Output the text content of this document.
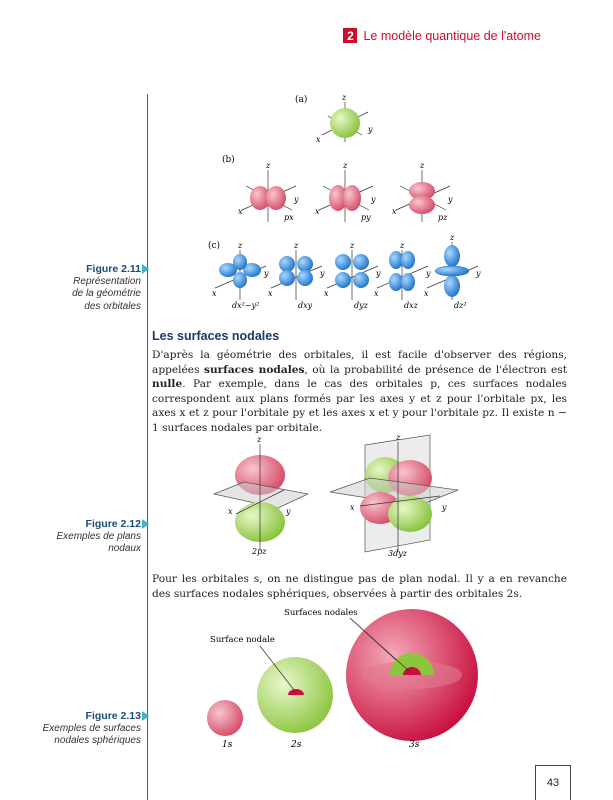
2 Le modèle quantique de l'atome
Figure 2.11
Représentation
de la géométrie
des orbitales
(a)	z
y
x
(b)
z	z	z
y	y	y
x	x	x
px	py	pz
(c) z	z	z	z
z
y	y	y	y	y
x	x	x	x	x
dx²−y²	dxy	dyz	dxz	dz²
Les surfaces nodales
D'après la géométrie des orbitales, il est facile d'observer des régions, appelées surfaces nodales, où la probabilité de présence de l'électron est nulle. Par exemple, dans le cas des orbitales p, ces surfaces nodales correspondent aux plans formés par les axes y et z pour l'orbitale px, les axes x et z pour l'orbitale py et les axes x et y pour l'orbitale pz. Il existe n − 1 surfaces nodales par orbitale.
Figure 2.12
Exemples de plans
nodaux
z
x	y
2pz
z
x	y
3dyz
Pour les orbitales s, on ne distingue pas de plan nodal. Il y a en revanche des surfaces nodales sphériques, observées à partir des orbitales 2s.
Figure 2.13
Exemples de surfaces
nodales sphériques	1s	2s	3s
Surface nodale
Surfaces nodales
43
